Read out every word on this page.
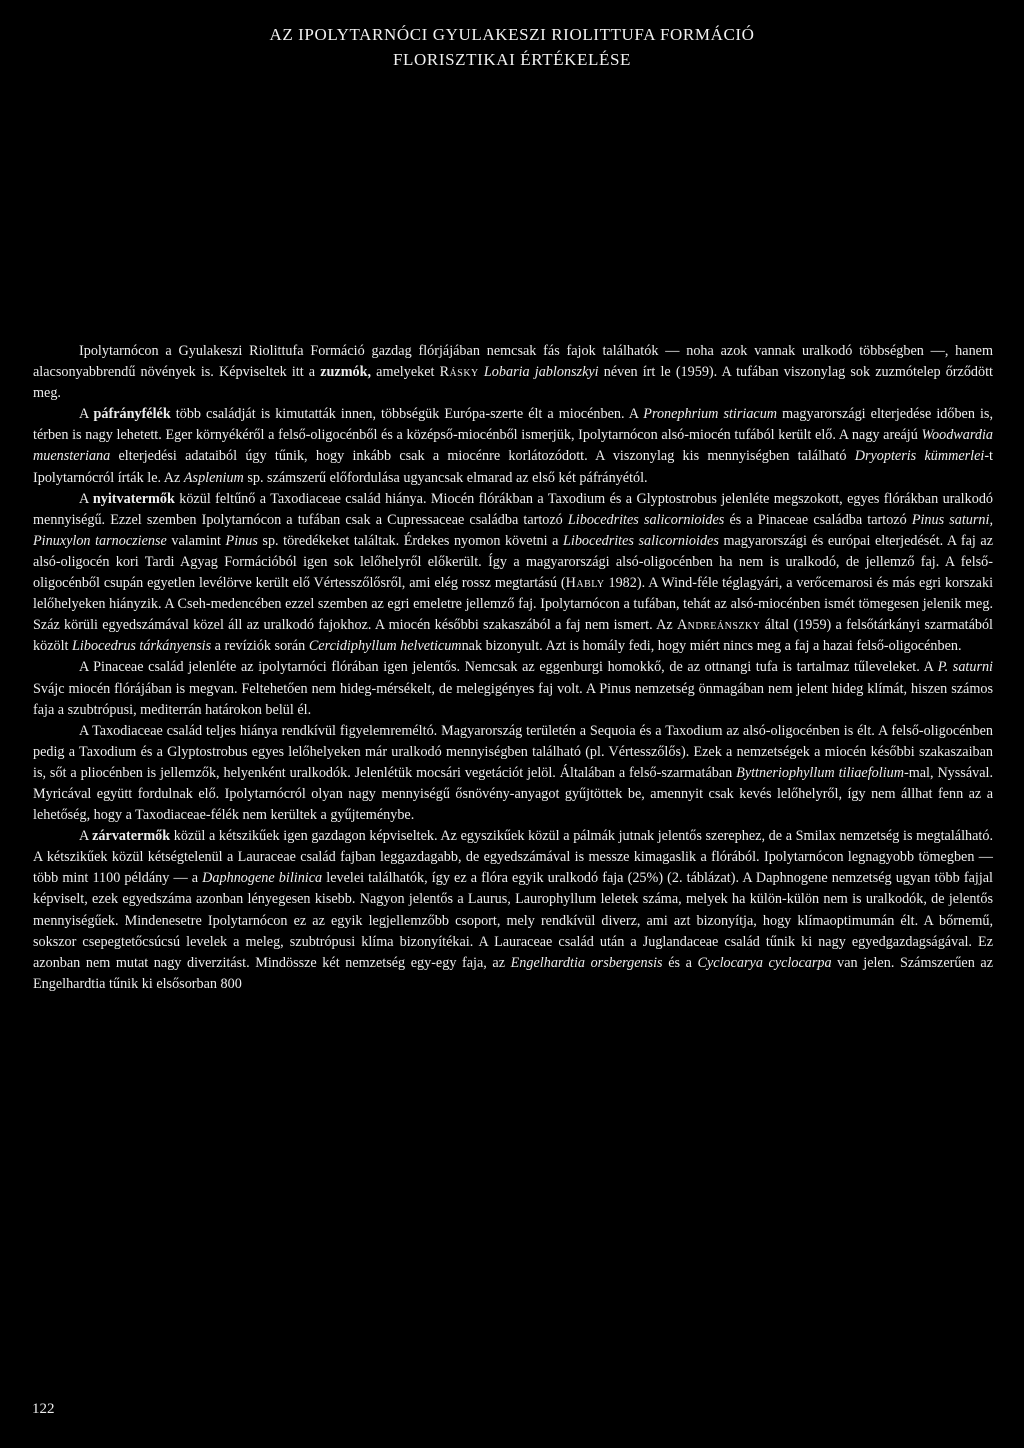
AZ IPOLYTARNÓCI GYULAKESZI RIOLITTUFA FORMÁCIÓ
FLORISZTIKAI ÉRTÉKELÉSE

Ipolytarnócon a Gyulakeszi Riolittufa Formáció gazdag flórjájában nemcsak fás fajok találhatók — noha azok vannak uralkodó többségben —, hanem alacsonyabbrendű növények is. Képviseltek itt a zuzmók, amelyeket Rásky Lobaria jablonszkyi néven írt le (1959). A tufában viszonylag sok zuzmótelep őrződött meg.

A páfrányfélék több családját is kimutatták innen, többségük Európa-szerte élt a miocénben. A Pronephrium stiriacum magyarországi elterjedése időben is, térben is nagy lehetett. Eger környékéről a felső-oligocénből és a középső-miocénből ismerjük, Ipolytarnócon alsó-miocén tufából került elő. A nagy areájú Woodwardia muensteriana elterjedési adataiból úgy tűnik, hogy inkább csak a miocénre korlátozódott. A viszonylag kis mennyiségben található Dryopteris kümmerlei-t Ipolytarnócról írták le. Az Asplenium sp. számszerű előfordulása ugyancsak elmarad az első két páfrányétól.

A nyitvatermők közül feltűnő a Taxodiaceae család hiánya. Miocén flórákban a Taxodium és a Glyptostrobus jelenléte megszokott, egyes flórákban uralkodó mennyiségű. Ezzel szemben Ipolytarnócon a tufában csak a Cupressaceae családba tartozó Libocedrites salicornioides és a Pinaceae családba tartozó Pinus saturni, Pinuxylon tarnocziense valamint Pinus sp. töredékeket találtak. Érdekes nyomon követni a Libocedrites salicornioides magyarországi és európai elterjedését. A faj az alsó-oligocén kori Tardi Agyag Formációból igen sok lelőhelyről előkerült. Így a magyarországi alsó-oligocénben ha nem is uralkodó, de jellemző faj. A felső-oligocénből csupán egyetlen levélörve került elő Vértesszőlősről, ami elég rossz megtartású (Hably 1982). A Wind-féle téglagyári, a verőcemarosi és más egri korszaki lelőhelyeken hiányzik. A Cseh-medencében ezzel szemben az egri emeletre jellemző faj. Ipolytarnócon a tufában, tehát az alsó-miocénben ismét tömegesen jelenik meg. Száz körüli egyedszámával közel áll az uralkodó fajokhoz. A miocén későbbi szakaszából a faj nem ismert. Az Andreánszky által (1959) a felsőtárkányi szarmatából közölt Libocedrus tárkányensis a revíziók során Cercidiphyllum helveticumnak bizonyult. Azt is homály fedi, hogy miért nincs meg a faj a hazai felső-oligocénben.

A Pinaceae család jelenléte az ipolytarnóci flórában igen jelentős. Nemcsak az eggenburgi homokkő, de az ottnangi tufa is tartalmaz tűleveleket. A P. saturni Svájc miocén flórájában is megvan. Feltehetően nem hideg-mérsékelt, de melegigényes faj volt. A Pinus nemzetség önmagában nem jelent hideg klímát, hiszen számos faja a szubtrópusi, mediterrán határokon belül él.

A Taxodiaceae család teljes hiánya rendkívül figyelemreméltó. Magyarország területén a Sequoia és a Taxodium az alsó-oligocénben is élt. A felső-oligocénben pedig a Taxodium és a Glyptostrobus egyes lelőhelyeken már uralkodó mennyiségben található (pl. Vértesszőlős). Ezek a nemzetségek a miocén későbbi szakaszaiban is, sőt a pliocénben is jellemzők, helyenként uralkodók. Jelenlétük mocsári vegetációt jelöl. Általában a felső-szarmatában Byttneriophyllum tiliaefolium-mal, Nyssával. Myricával együtt fordulnak elő. Ipolytarnócról olyan nagy mennyiségű ősnövény-anyagot gyűjtöttek be, amennyit csak kevés lelőhelyről, így nem állhat fenn az a lehetőség, hogy a Taxodiaceae-félék nem kerültek a gyűjteménybe.

A zárvatermők közül a kétszikűek igen gazdagon képviseltek. Az egyszikűek közül a pálmák jutnak jelentős szerephez, de a Smilax nemzetség is megtalálható. A kétszikűek közül kétségtelenül a Lauraceae család fajban leggazdagabb, de egyedszámával is messze kimagaslik a flórából. Ipolytarnócon legnagyobb tömegben — több mint 1100 példány — a Daphnogene bilinica levelei találhatók, így ez a flóra egyik uralkodó faja (25%) (2. táblázat). A Daphnogene nemzetség ugyan több fajjal képviselt, ezek egyedszáma azonban lényegesen kisebb. Nagyon jelentős a Laurus, Laurophyllum leletek száma, melyek ha külön-külön nem is uralkodók, de jelentős mennyiségűek. Mindenesetre Ipolytarnócon ez az egyik legjellemzőbb csoport, mely rendkívül diverz, ami azt bizonyítja, hogy klímaoptimumán élt. A bőrnemű, sokszor csepegtetőcsúcsú levelek a meleg, szubtrópusi klíma bizonyítékai. A Lauraceae család után a Juglandaceae család tűnik ki nagy egyedgazdagságával. Ez azonban nem mutat nagy diverzitást. Mindössze két nemzetség egy-egy faja, az Engelhardtia orsbergensis és a Cyclocarya cyclocarpa van jelen. Számszerűen az Engelhardtia tűnik ki elsősorban 800

122
